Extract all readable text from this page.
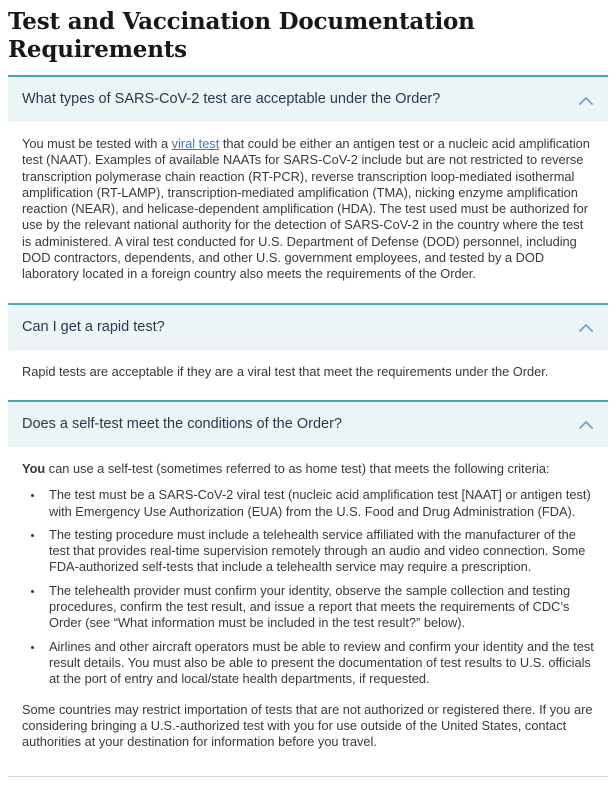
Test and Vaccination Documentation Requirements
What types of SARS-CoV-2 test are acceptable under the Order?

You must be tested with a viral test that could be either an antigen test or a nucleic acid amplification test (NAAT). Examples of available NAATs for SARS-CoV-2 include but are not restricted to reverse transcription polymerase chain reaction (RT-PCR), reverse transcription loop-mediated isothermal amplification (RT-LAMP), transcription-mediated amplification (TMA), nicking enzyme amplification reaction (NEAR), and helicase-dependent amplification (HDA). The test used must be authorized for use by the relevant national authority for the detection of SARS-CoV-2 in the country where the test is administered. A viral test conducted for U.S. Department of Defense (DOD) personnel, including DOD contractors, dependents, and other U.S. government employees, and tested by a DOD laboratory located in a foreign country also meets the requirements of the Order.

Can I get a rapid test?

Rapid tests are acceptable if they are a viral test that meet the requirements under the Order.

Does a self-test meet the conditions of the Order?

You can use a self-test (sometimes referred to as home test) that meets the following criteria:

• The test must be a SARS-CoV-2 viral test (nucleic acid amplification test [NAAT] or antigen test) with Emergency Use Authorization (EUA) from the U.S. Food and Drug Administration (FDA).
• The testing procedure must include a telehealth service affiliated with the manufacturer of the test that provides real-time supervision remotely through an audio and video connection. Some FDA-authorized self-tests that include a telehealth service may require a prescription.
• The telehealth provider must confirm your identity, observe the sample collection and testing procedures, confirm the test result, and issue a report that meets the requirements of CDC’s Order (see “What information must be included in the test result?” below).
• Airlines and other aircraft operators must be able to review and confirm your identity and the test result details. You must also be able to present the documentation of test results to U.S. officials at the port of entry and local/state health departments, if requested.

Some countries may restrict importation of tests that are not authorized or registered there. If you are considering bringing a U.S.-authorized test with you for use outside of the United States, contact authorities at your destination for information before you travel.
